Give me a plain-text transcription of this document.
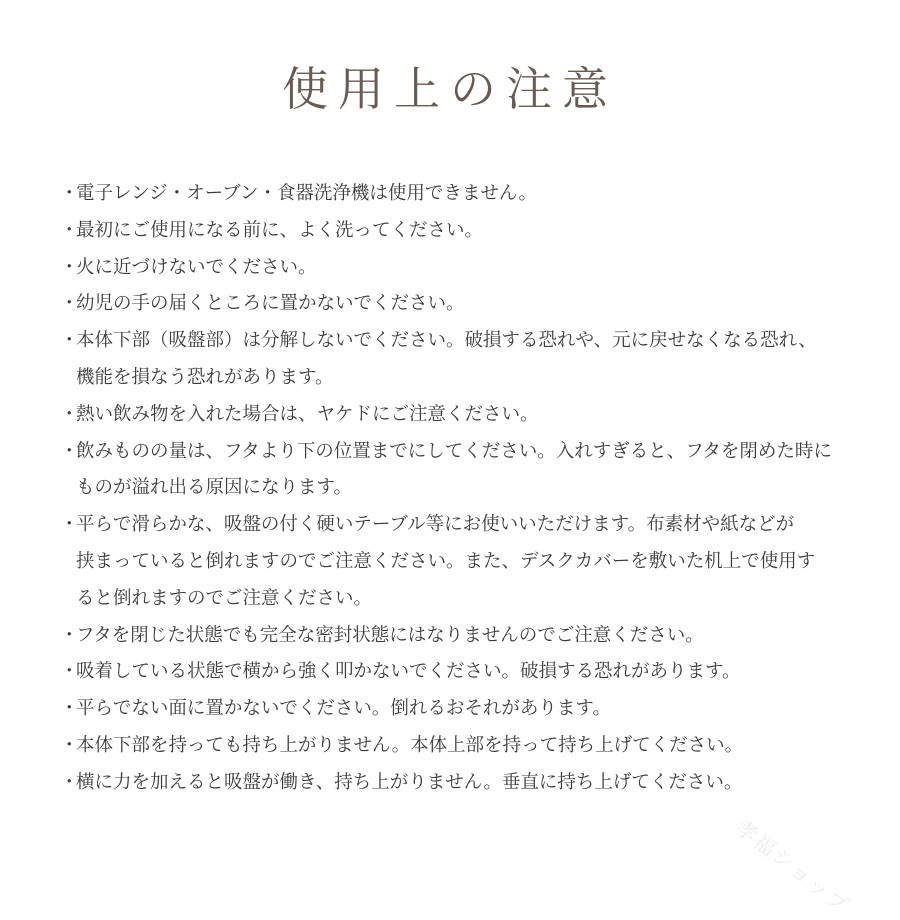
使用上の注意
・
電子レンジ・オーブン・食器洗浄機は使用できません。
・
最初にご使用になる前に、よく洗ってください。
・
火に近づけないでください。
・
幼児の手の届くところに置かないでください。
・
本体下部（吸盤部）は分解しないでください。破損する恐れや、元に戻せなくなる恐れ、
機能を損なう恐れがあります。
・
熱い飲み物を入れた場合は、ヤケドにご注意ください。
・
飲みものの量は、フタより下の位置までにしてください。入れすぎると、フタを閉めた時に
ものが溢れ出る原因になります。
・
平らで滑らかな、吸盤の付く硬いテーブル等にお使いいただけます。布素材や紙などが
挟まっていると倒れますのでご注意ください。また、デスクカバーを敷いた机上で使用す
ると倒れますのでご注意ください。
・
フタを閉じた状態でも完全な密封状態にはなりませんのでご注意ください。
・
吸着している状態で横から強く叩かないでください。破損する恐れがあります。
・
平らでない面に置かないでください。倒れるおそれがあります。
・
本体下部を持っても持ち上がりません。本体上部を持って持ち上げてください。
・
横に力を加えると吸盤が働き、持ち上がりません。垂直に持ち上げてください。
孝福ショップ
